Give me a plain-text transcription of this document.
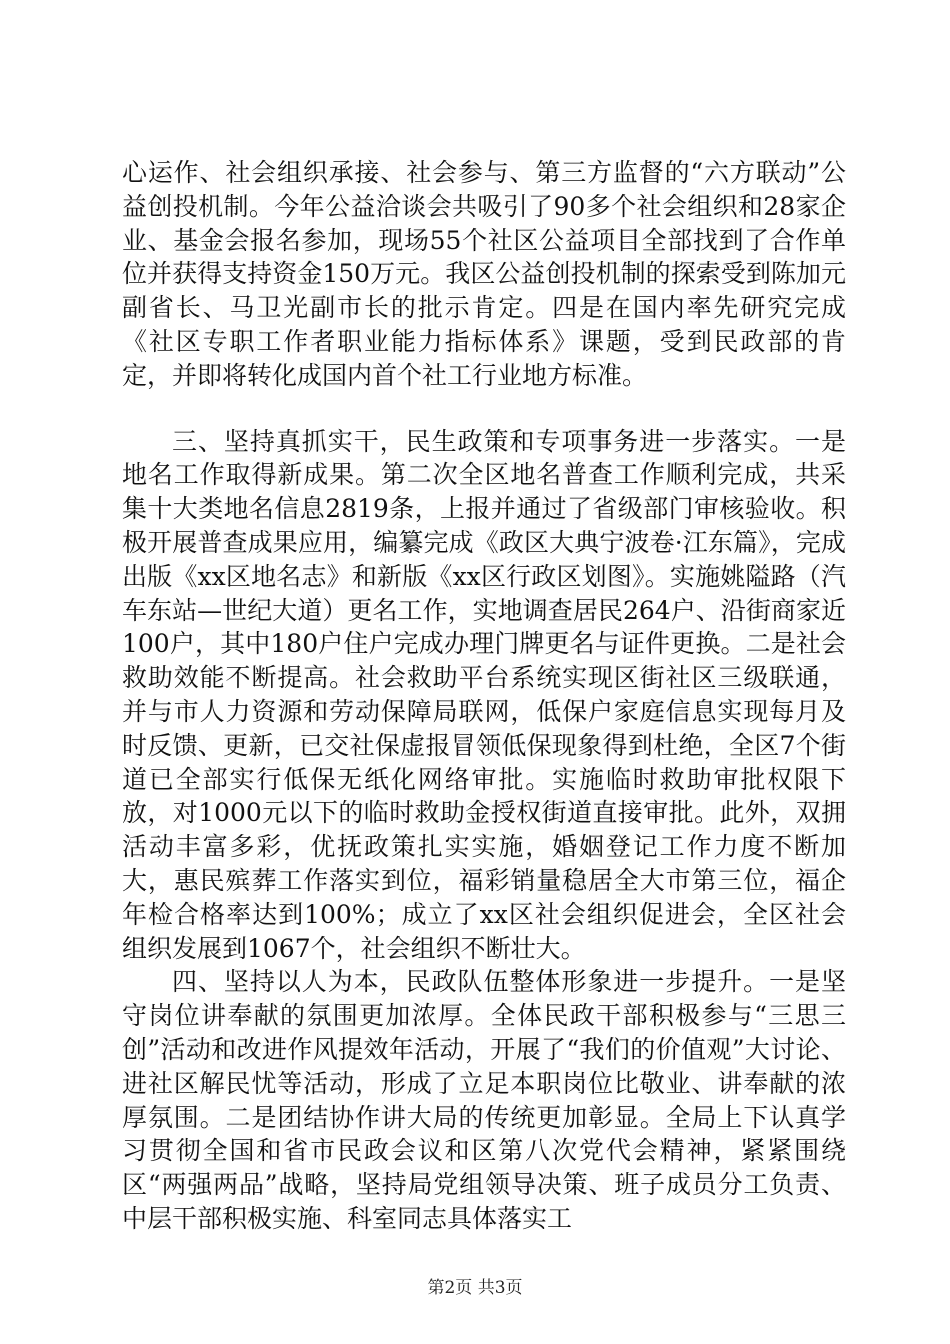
心运作、社会组织承接、社会参与、第三方监督的“六方联动”公益创投机制。今年公益洽谈会共吸引了90多个社会组织和28家企业、基金会报名参加，现场55个社区公益项目全部找到了合作单位并获得支持资金150万元。我区公益创投机制的探索受到陈加元副省长、马卫光副市长的批示肯定。四是在国内率先研究完成《社区专职工作者职业能力指标体系》课题，受到民政部的肯定，并即将转化成国内首个社工行业地方标准。

三、坚持真抓实干，民生政策和专项事务进一步落实。一是地名工作取得新成果。第二次全区地名普查工作顺利完成，共采集十大类地名信息2819条，上报并通过了省级部门审核验收。积极开展普查成果应用，编纂完成《政区大典宁波卷·江东篇》，完成出版《xx区地名志》和新版《xx区行政区划图》。实施姚隘路（汽车东站—世纪大道）更名工作，实地调查居民264户、沿街商家近100户，其中180户住户完成办理门牌更名与证件更换。二是社会救助效能不断提高。社会救助平台系统实现区街社区三级联通，并与市人力资源和劳动保障局联网，低保户家庭信息实现每月及时反馈、更新，已交社保虚报冒领低保现象得到杜绝，全区7个街道已全部实行低保无纸化网络审批。实施临时救助审批权限下放，对1000元以下的临时救助金授权街道直接审批。此外，双拥活动丰富多彩，优抚政策扎实实施，婚姻登记工作力度不断加大，惠民殡葬工作落实到位，福彩销量稳居全大市第三位，福企年检合格率达到100%；成立了xx区社会组织促进会，全区社会组织发展到1067个，社会组织不断壮大。

四、坚持以人为本，民政队伍整体形象进一步提升。一是坚守岗位讲奉献的氛围更加浓厚。全体民政干部积极参与“三思三创”活动和改进作风提效年活动，开展了“我们的价值观”大讨论、进社区解民忧等活动，形成了立足本职岗位比敬业、讲奉献的浓厚氛围。二是团结协作讲大局的传统更加彰显。全局上下认真学习贯彻全国和省市民政会议和区第八次党代会精神，紧紧围绕区“两强两品”战略，坚持局党组领导决策、班子成员分工负责、中层干部积极实施、科室同志具体落实工

第2页 共3页
